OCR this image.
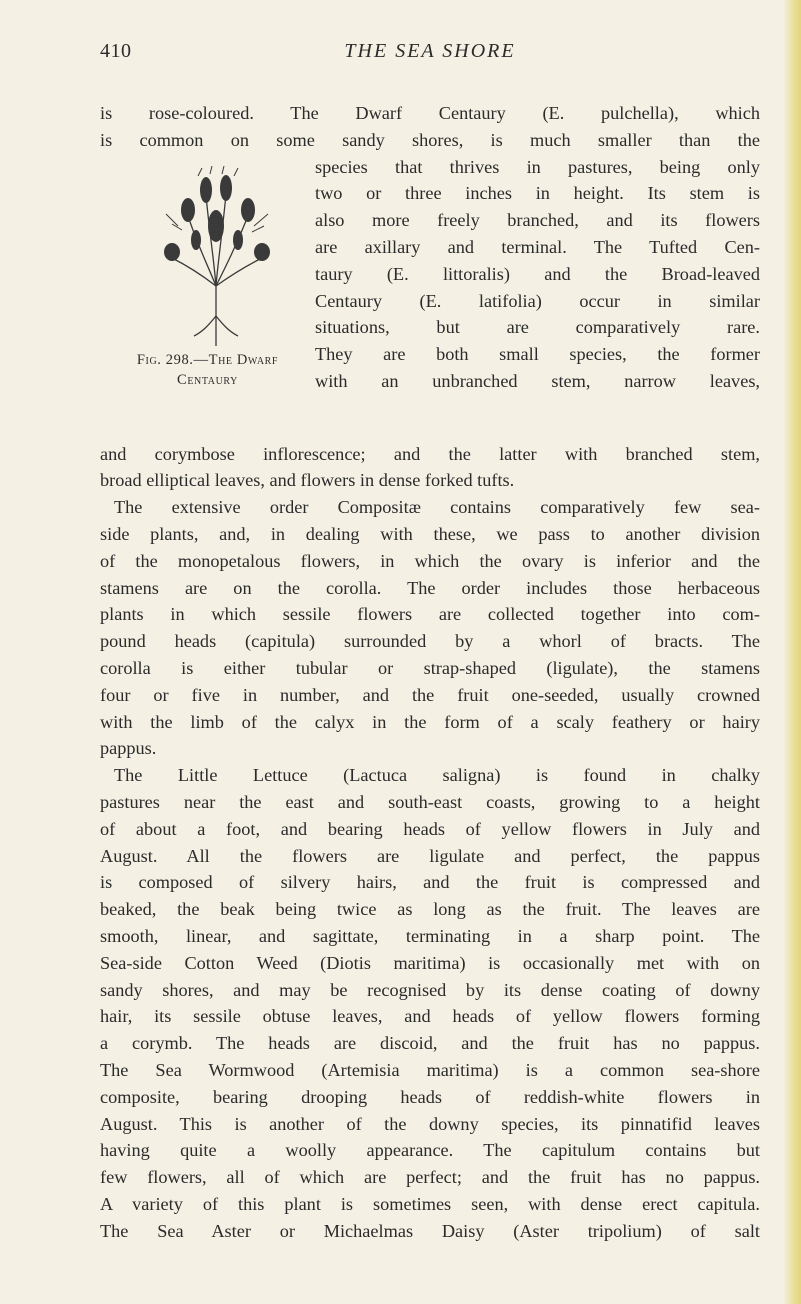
410	THE SEA SHORE
is rose-coloured. The Dwarf Centaury (E. pulchella), which
is common on some sandy shores, is much smaller than the
Fig. 298.—The Dwarf
Centaury
species that thrives in pastures, being only
two or three inches in height. Its stem is
also more freely branched, and its flowers
are axillary and terminal. The Tufted Cen-
taury (E. littoralis) and the Broad-leaved
Centaury (E. latifolia) occur in similar
situations, but are comparatively rare.
They are both small species, the former
with an unbranched stem, narrow leaves,
and corymbose inflorescence; and the latter with branched stem,
broad elliptical leaves, and flowers in dense forked tufts.
The extensive order Compositæ contains comparatively few sea-
side plants, and, in dealing with these, we pass to another division
of the monopetalous flowers, in which the ovary is inferior and the
stamens are on the corolla. The order includes those herbaceous
plants in which sessile flowers are collected together into com-
pound heads (capitula) surrounded by a whorl of bracts. The
corolla is either tubular or strap-shaped (ligulate), the stamens
four or five in number, and the fruit one-seeded, usually crowned
with the limb of the calyx in the form of a scaly feathery or hairy
pappus.
The Little Lettuce (Lactuca saligna) is found in chalky
pastures near the east and south-east coasts, growing to a height
of about a foot, and bearing heads of yellow flowers in July and
August. All the flowers are ligulate and perfect, the pappus
is composed of silvery hairs, and the fruit is compressed and
beaked, the beak being twice as long as the fruit. The leaves are
smooth, linear, and sagittate, terminating in a sharp point. The
Sea-side Cotton Weed (Diotis maritima) is occasionally met with on
sandy shores, and may be recognised by its dense coating of downy
hair, its sessile obtuse leaves, and heads of yellow flowers forming
a corymb. The heads are discoid, and the fruit has no pappus.
The Sea Wormwood (Artemisia maritima) is a common sea-shore
composite, bearing drooping heads of reddish-white flowers in
August. This is another of the downy species, its pinnatifid leaves
having quite a woolly appearance. The capitulum contains but
few flowers, all of which are perfect; and the fruit has no pappus.
A variety of this plant is sometimes seen, with dense erect capitula.
The Sea Aster or Michaelmas Daisy (Aster tripolium) of salt
